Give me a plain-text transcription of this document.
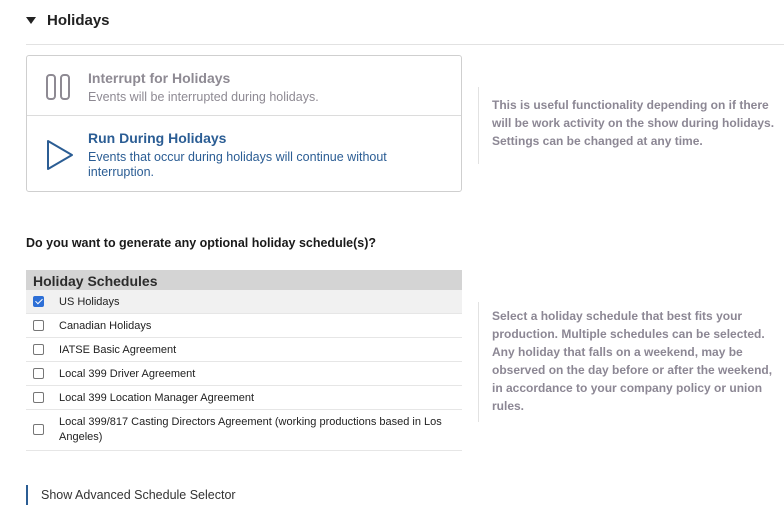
Holidays
Interrupt for Holidays
Events will be interrupted during holidays.
Run During Holidays
Events that occur during holidays will continue without interruption.
This is useful functionality depending on if there will be work activity on the show during holidays. Settings can be changed at any time.
Do you want to generate any optional holiday schedule(s)?
Holiday Schedules
US Holidays
Canadian Holidays
IATSE Basic Agreement
Local 399 Driver Agreement
Local 399 Location Manager Agreement
Local 399/817 Casting Directors Agreement (working productions based in Los Angeles)
Select a holiday schedule that best fits your production. Multiple schedules can be selected. Any holiday that falls on a weekend, may be observed on the day before or after the weekend, in accordance to your company policy or union rules.
Show Advanced Schedule Selector
